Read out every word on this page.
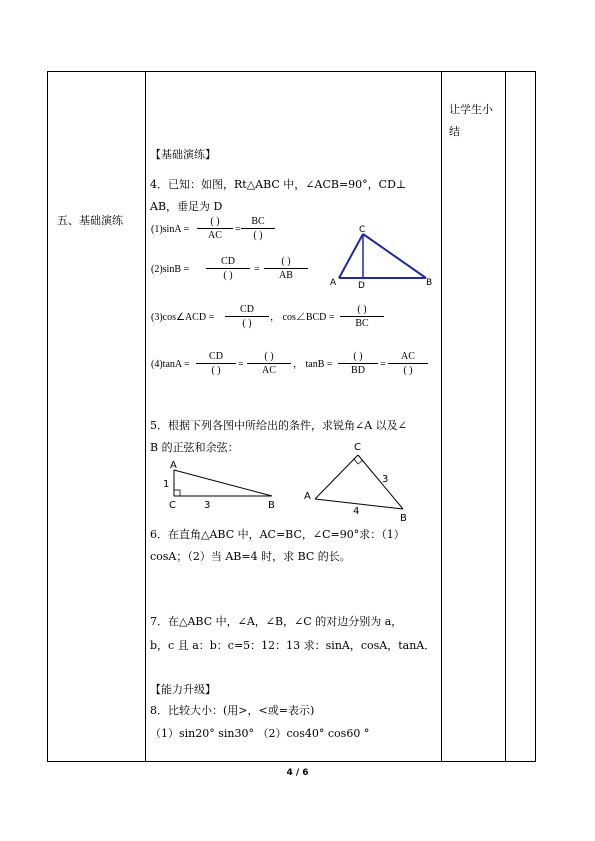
五、基础演练
让学生小
结
【基础演练】
4．已知：如图，Rt△ABC 中，∠ACB=90°，CD⊥
AB，垂足为 D
(1)sinA =
( )
AC
=
BC
( )
(2)sinB =
CD
( )
=
( )
AB
C
A D	B
(3)cos∠ACD =
CD
( )
， cos∠BCD =
( )
BC
(4)tanA =
CD
( )
=
( )
AC
， tanB =
( )
BD
=
AC
( )
5．根据下列各图中所给出的条件，求锐角∠A 以及∠
B 的正弦和余弦：
A
1
C	3	B
C
3
A
4
B
6．在直角△ABC 中，AC=BC，∠C=90°求：（1）
cosA；（2）当 AB=4 时，求 BC 的长。
7．在△ABC 中，∠A，∠B，∠C 的对边分别为 a，
b，c 且 a：b：c=5：12：13 求：sinA，cosA，tanA．
【能力升级】
8．比较大小：(用>，<或=表示)
（1）sin20° sin30° （2）cos40° cos60 °
4 / 6
